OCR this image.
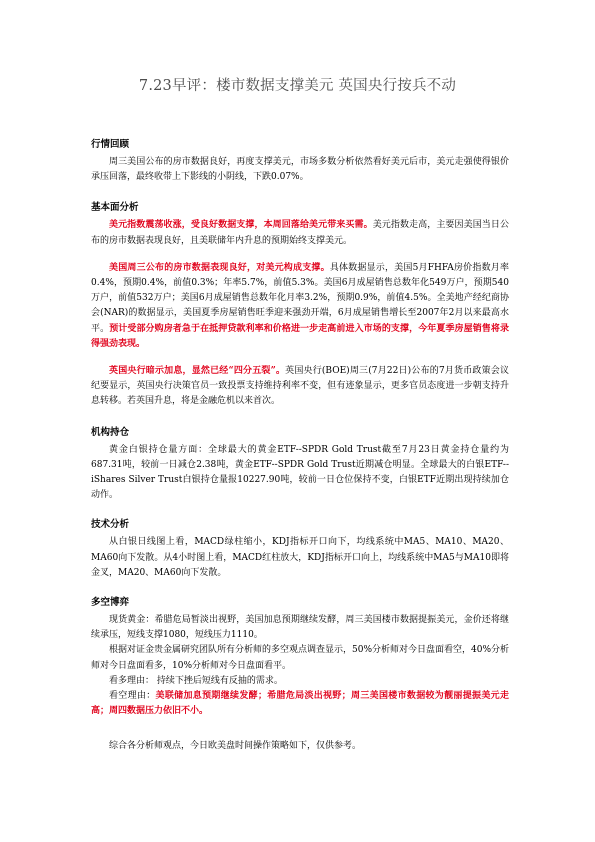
7.23早评：楼市数据支撑美元 英国央行按兵不动
行情回顾

周三美国公布的房市数据良好，再度支撑美元，市场多数分析依然看好美元后市，美元走强使得银价承压回落，最终收带上下影线的小阴线，下跌0.07%。

基本面分析

美元指数震荡收涨，受良好数据支撑，本周回落给美元带来买需。美元指数走高，主要因美国当日公布的房市数据表现良好，且美联储年内升息的预期始终支撑美元。

美国周三公布的房市数据表现良好，对美元构成支撑。具体数据显示，美国5月FHFA房价指数月率0.4%，预期0.4%，前值0.3%；年率5.7%，前值5.3%。美国6月成屋销售总数年化549万户，预期540万户，前值532万户；美国6月成屋销售总数年化月率3.2%，预期0.9%，前值4.5%。全美地产经纪商协会(NAR)的数据显示，美国夏季房屋销售旺季迎来强劲开端，6月成屋销售增长至2007年2月以来最高水平。预计受部分购房者急于在抵押贷款利率和价格进一步走高前进入市场的支撑，今年夏季房屋销售将录得强劲表现。

英国央行暗示加息，显然已经“四分五裂”。英国央行(BOE)周三(7月22日)公布的7月货币政策会议纪要显示，英国央行决策官员一致投票支持维持利率不变，但有迹象显示，更多官员态度进一步朝支持升息转移。若英国升息，将是金融危机以来首次。

机构持仓

黄金白银持仓量方面：全球最大的黄金ETF--SPDR Gold Trust截至7月23日黄金持仓量约为687.31吨，较前一日减仓2.38吨，黄金ETF--SPDR Gold Trust近期减仓明显。全球最大的白银ETF--iShares Silver Trust白银持仓量报10227.90吨，较前一日仓位保持不变，白银ETF近期出现持续加仓动作。

技术分析

从白银日线图上看，MACD绿柱缩小，KDJ指标开口向下，均线系统中MA5、MA10、MA20、MA60向下发散。从4小时图上看，MACD红柱放大，KDJ指标开口向上，均线系统中MA5与MA10即将金叉，MA20、MA60向下发散。

多空博弈

现货黄金：希腊危局暂淡出视野，美国加息预期继续发酵，周三美国楼市数据提振美元，金价还将继续承压，短线支撑1080，短线压力1110。

根据对证金贵金属研究团队所有分析师的多空观点调查显示，50%分析师对今日盘面看空，40%分析师对今日盘面看多，10%分析师对今日盘面看平。

看多理由： 持续下挫后短线有反抽的需求。

看空理由：美联储加息预期继续发酵；希腊危局淡出视野；周三美国楼市数据较为靓丽提振美元走高；周四数据压力依旧不小。

综合各分析师观点，今日欧美盘时间操作策略如下，仅供参考。
